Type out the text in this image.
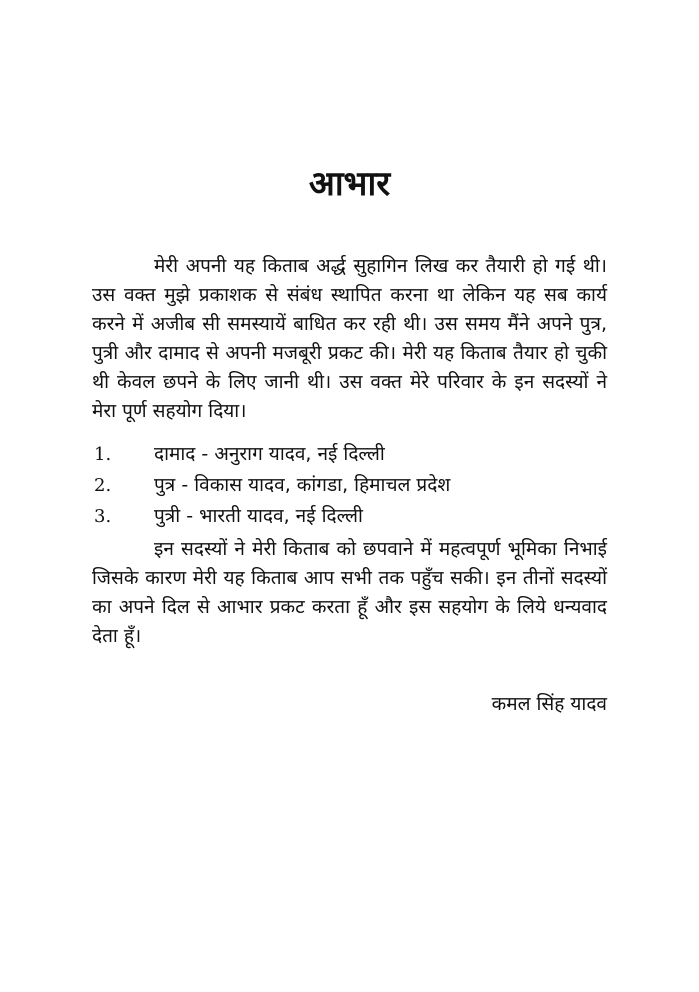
आभार

मेरी अपनी यह किताब अर्द्ध सुहागिन लिख कर तैयारी हो गई थी। उस वक्त मुझे प्रकाशक से संबंध स्थापित करना था लेकिन यह सब कार्य करने में अजीब सी समस्यायें बाधित कर रही थी। उस समय मैंने अपने पुत्र, पुत्री और दामाद से अपनी मजबूरी प्रकट की। मेरी यह किताब तैयार हो चुकी थी केवल छपने के लिए जानी थी। उस वक्त मेरे परिवार के इन सदस्यों ने मेरा पूर्ण सहयोग दिया।

1. दामाद - अनुराग यादव, नई दिल्ली
2. पुत्र - विकास यादव, कांगडा, हिमाचल प्रदेश
3. पुत्री - भारती यादव, नई दिल्ली

इन सदस्यों ने मेरी किताब को छपवाने में महत्वपूर्ण भूमिका निभाई जिसके कारण मेरी यह किताब आप सभी तक पहुँच सकी। इन तीनों सदस्यों का अपने दिल से आभार प्रकट करता हूँ और इस सहयोग के लिये धन्यवाद देता हूँ।

कमल सिंह यादव
